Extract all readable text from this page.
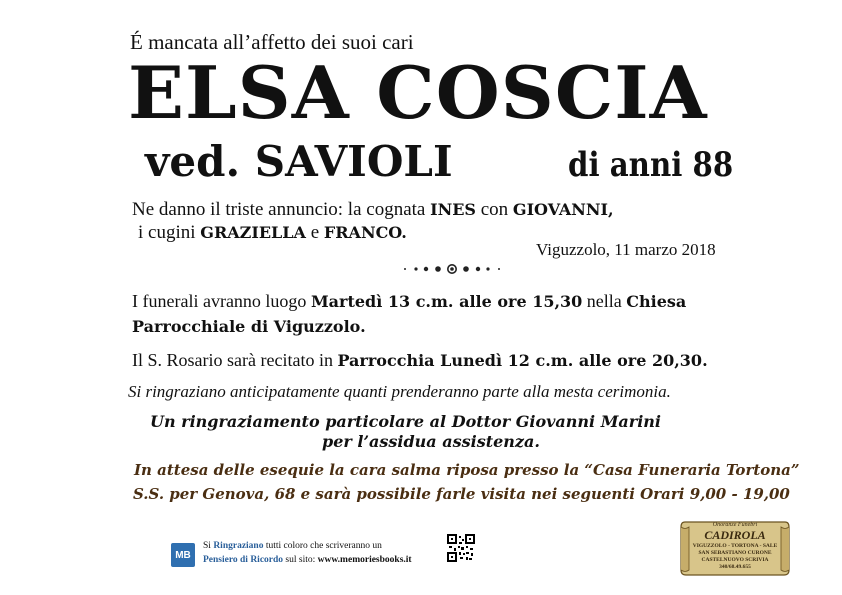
É mancata all’affetto dei suoi cari
ELSA COSCIA
ved. SAVIOLI	di anni 88
Ne danno il triste annuncio: la cognata INES con GIOVANNI,
i cugini GRAZIELLA e FRANCO.
Viguzzolo, 11 marzo 2018
I funerali avranno luogo Martedì 13 c.m. alle ore 15,30 nella Chiesa
Parrocchiale di Viguzzolo.
Il S. Rosario sarà recitato in Parrocchia Lunedì 12 c.m. alle ore 20,30.
Si ringraziano anticipatamente quanti prenderanno parte alla mesta cerimonia.
Un ringraziamento particolare al Dottor Giovanni Marini
per l’assidua assistenza.
In attesa delle esequie la cara salma riposa presso la “Casa Funeraria Tortona”
S.S. per Genova, 68 e sarà possibile farle visita nei seguenti Orari 9,00 - 19,00
MB
Si Ringraziano tutti coloro che scriveranno un
Pensiero di Ricordo sul sito: www.memoriesbooks.it
Onoranze Funebri
CADIROLA
VIGUZZOLO - TORTONA - SALE
SAN SEBASTIANO CURONE
CASTELNUOVO SCRIVIA
340/68.49.655
